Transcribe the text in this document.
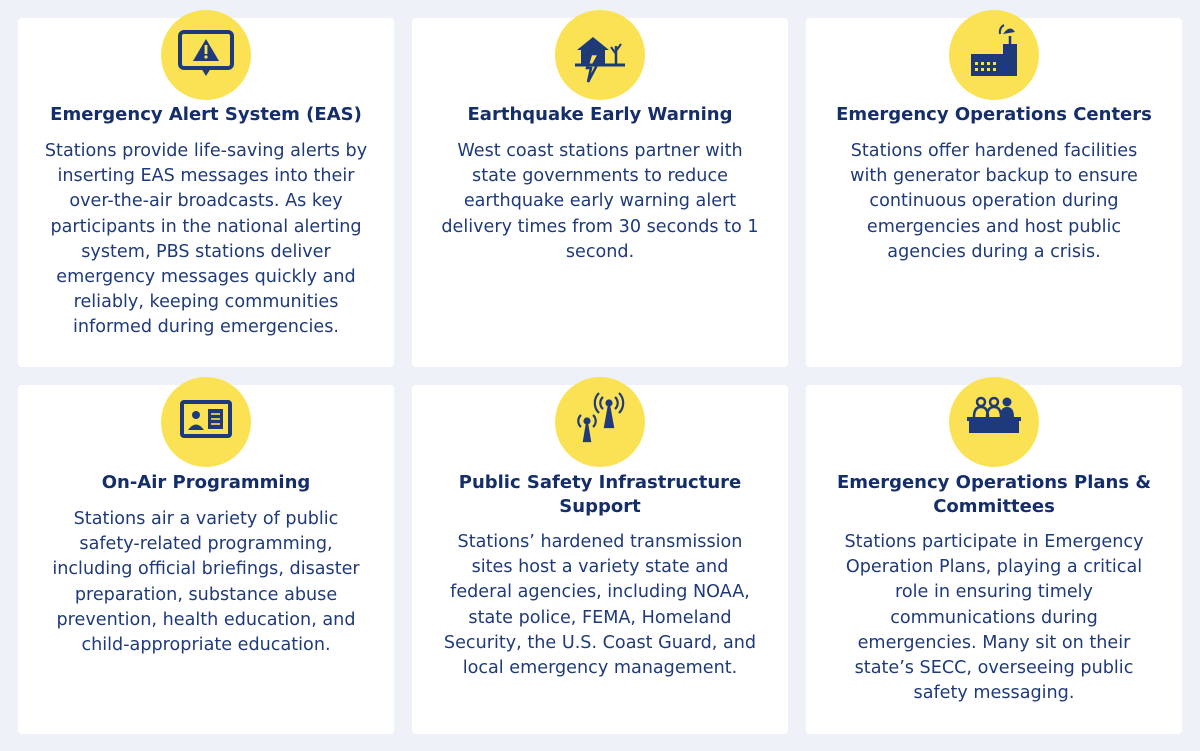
Emergency Alert System (EAS)
Stations provide life-saving alerts by inserting EAS messages into their over-the-air broadcasts. As key participants in the national alerting system, PBS stations deliver emergency messages quickly and reliably, keeping communities informed during emergencies.
Earthquake Early Warning
West coast stations partner with state governments to reduce earthquake early warning alert delivery times from 30 seconds to 1 second.
Emergency Operations Centers
Stations offer hardened facilities with generator backup to ensure continuous operation during emergencies and host public agencies during a crisis.
On-Air Programming
Stations air a variety of public safety-related programming, including official briefings, disaster preparation, substance abuse prevention, health education, and child-appropriate education.
Public Safety Infrastructure Support
Stations’ hardened transmission sites host a variety state and federal agencies, including NOAA, state police, FEMA, Homeland Security, the U.S. Coast Guard, and local emergency management.
Emergency Operations Plans & Committees
Stations participate in Emergency Operation Plans, playing a critical role in ensuring timely communications during emergencies. Many sit on their state’s SECC, overseeing public safety messaging.
